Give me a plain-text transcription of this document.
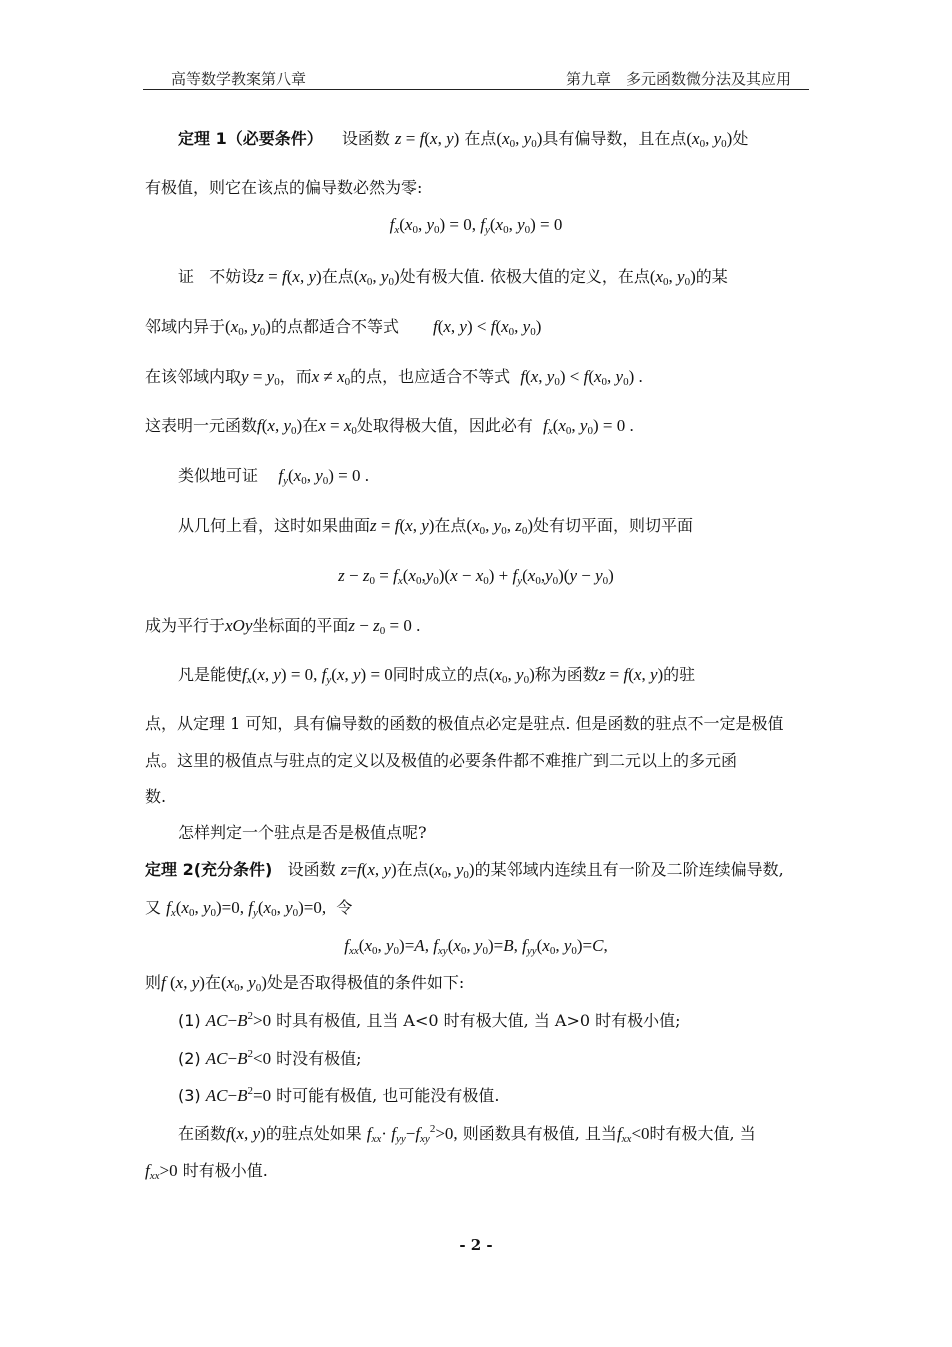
高等数学教案第八章	第九章　多元函数微分法及其应用
定理 1（必要条件） 设函数 z = f(x, y) 在点($x_0$, $y_0$)具有偏导数，且在点($x_0$, $y_0$)处
有极值，则它在该点的偏导数必然为零:
$f_x(x_0$, $y_0) = 0$, $f_y(x_0$, $y_0) = 0$
证 不妨设z = f(x, y)在点($x_0$, $y_0$)处有极大值. 依极大值的定义，在点($x_0$, $y_0$)的某
邻域内异于($x_0$, $y_0$)的点都适合不等式 f(x, $y) < f(x_0$, $y_0$)
在该邻域内取$y = y_0$，而$x \ne x_0$的点，也应适合不等式 f(x, $y_0) < f(x_0$, $y_0$) .
这表明一元函数f(x, $y_0$)在$x = x_0$处取得极大值，因此必有 $f_x(x_0$, $y_0) = 0$ .
类似地可证 $f_y(x_0$, $y_0) = 0$ .
从几何上看，这时如果曲面z = f(x, y)在点($x_0$, $y_0$, $z_0$)处有切平面，则切平面
$z - z_0 = f_x(x_0,y_0)(x - x_0) + f_y(x_0,y_0)(y - y_0)$
成为平行于xOy坐标面的平面$z - z_0 = 0$ .
凡是能使$f_x(x$, y) = 0, $f_y(x$, y) = 0同时成立的点($x_0$, $y_0$)称为函数z = f(x, y)的驻
点，从定理 1 可知，具有偏导数的函数的极值点必定是驻点. 但是函数的驻点不一定是极值
点。这里的极值点与驻点的定义以及极值的必要条件都不难推广到二元以上的多元函
数.
怎样判定一个驻点是否是极值点呢?
定理 2(充分条件) 设函数 z=f(x, y)在点($x_0$, $y_0$)的某邻域内连续且有一阶及二阶连续偏导数,
又 $f_x(x_0$, $y_0)=0$, $f_y(x_0$, $y_0)=0$, 令
$f_{xx}(x_0$, $y_0)=A$, $f_{xy}(x_0$, $y_0)=B$, $f_{yy}(x_0$, $y_0)=C$,
则f (x, y)在($x_0$, $y_0$)处是否取得极值的条件如下:
(1) $AC-B^2>0$ 时具有极值, 且当 A<0 时有极大值, 当 A>0 时有极小值;
(2) $AC-B^2<0$ 时没有极值;
(3) $AC-B^2=0$ 时可能有极值, 也可能没有极值.
在函数f(x, y)的驻点处如果 $f_{xx}\cdot f_{yy}-f_{xy}^2>0$, 则函数具有极值, 且当$f_{xx}<0$时有极大值, 当
$f_{xx}>0$ 时有极小值.
- 2 -
